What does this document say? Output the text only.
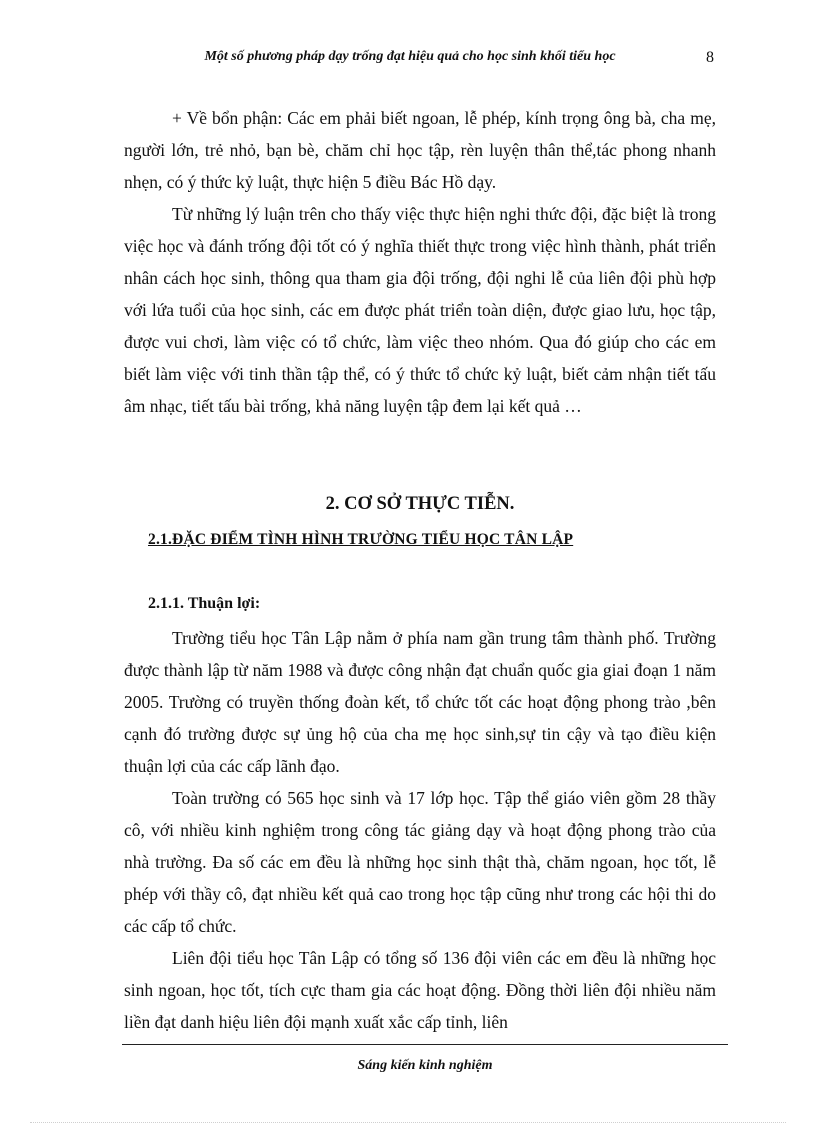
Một số phương pháp dạy trống đạt hiệu quả cho học sinh khối tiểu học	8

+ Về bổn phận: Các em phải biết ngoan, lễ phép, kính trọng ông bà, cha mẹ, người lớn, trẻ nhỏ, bạn bè, chăm chỉ học tập, rèn luyện thân thể,tác phong nhanh nhẹn, có ý thức kỷ luật, thực hiện 5 điều Bác Hồ dạy.

Từ những lý luận trên cho thấy việc thực hiện nghi thức đội, đặc biệt là trong việc học và đánh trống đội tốt có ý nghĩa thiết thực trong việc hình thành, phát triển nhân cách học sinh, thông qua tham gia đội trống, đội nghi lễ của liên đội phù hợp với lứa tuổi của học sinh, các em được phát triển toàn diện, được giao lưu, học tập, được vui chơi, làm việc có tổ chức, làm việc theo nhóm. Qua đó giúp cho các em biết làm việc với tinh thần tập thể, có ý thức tổ chức kỷ luật, biết cảm nhận tiết tấu âm nhạc, tiết tấu bài trống, khả năng luyện tập đem lại kết quả …

2. CƠ SỞ THỰC TIỄN.
2.1.ĐẶC ĐIỂM TÌNH HÌNH TRƯỜNG TIỂU HỌC TÂN LẬP
2.1.1. Thuận lợi:

Trường tiểu học Tân Lập nằm ở phía nam gần trung tâm thành phố. Trường được thành lập từ năm 1988 và được công nhận đạt chuẩn quốc gia giai đoạn 1 năm 2005. Trường có truyền thống đoàn kết, tổ chức tốt các hoạt động phong trào ,bên cạnh đó trường được sự ủng hộ của cha mẹ học sinh,sự tin cậy và tạo điều kiện thuận lợi của các cấp lãnh đạo.

Toàn trường có 565 học sinh và 17 lớp học. Tập thể giáo viên gồm 28 thầy cô, với nhiều kinh nghiệm trong công tác giảng dạy và hoạt động phong trào của nhà trường. Đa số các em đều là những học sinh thật thà, chăm ngoan, học tốt, lễ phép với thầy cô, đạt nhiều kết quả cao trong học tập cũng như trong các hội thi do các cấp tổ chức.

Liên đội tiểu học Tân Lập có tổng số 136 đội viên các em đều là những học sinh ngoan, học tốt, tích cực tham gia các hoạt động. Đồng thời liên đội nhiều năm liền đạt danh hiệu liên đội mạnh xuất xắc cấp tỉnh, liên

Sáng kiến kinh nghiệm
